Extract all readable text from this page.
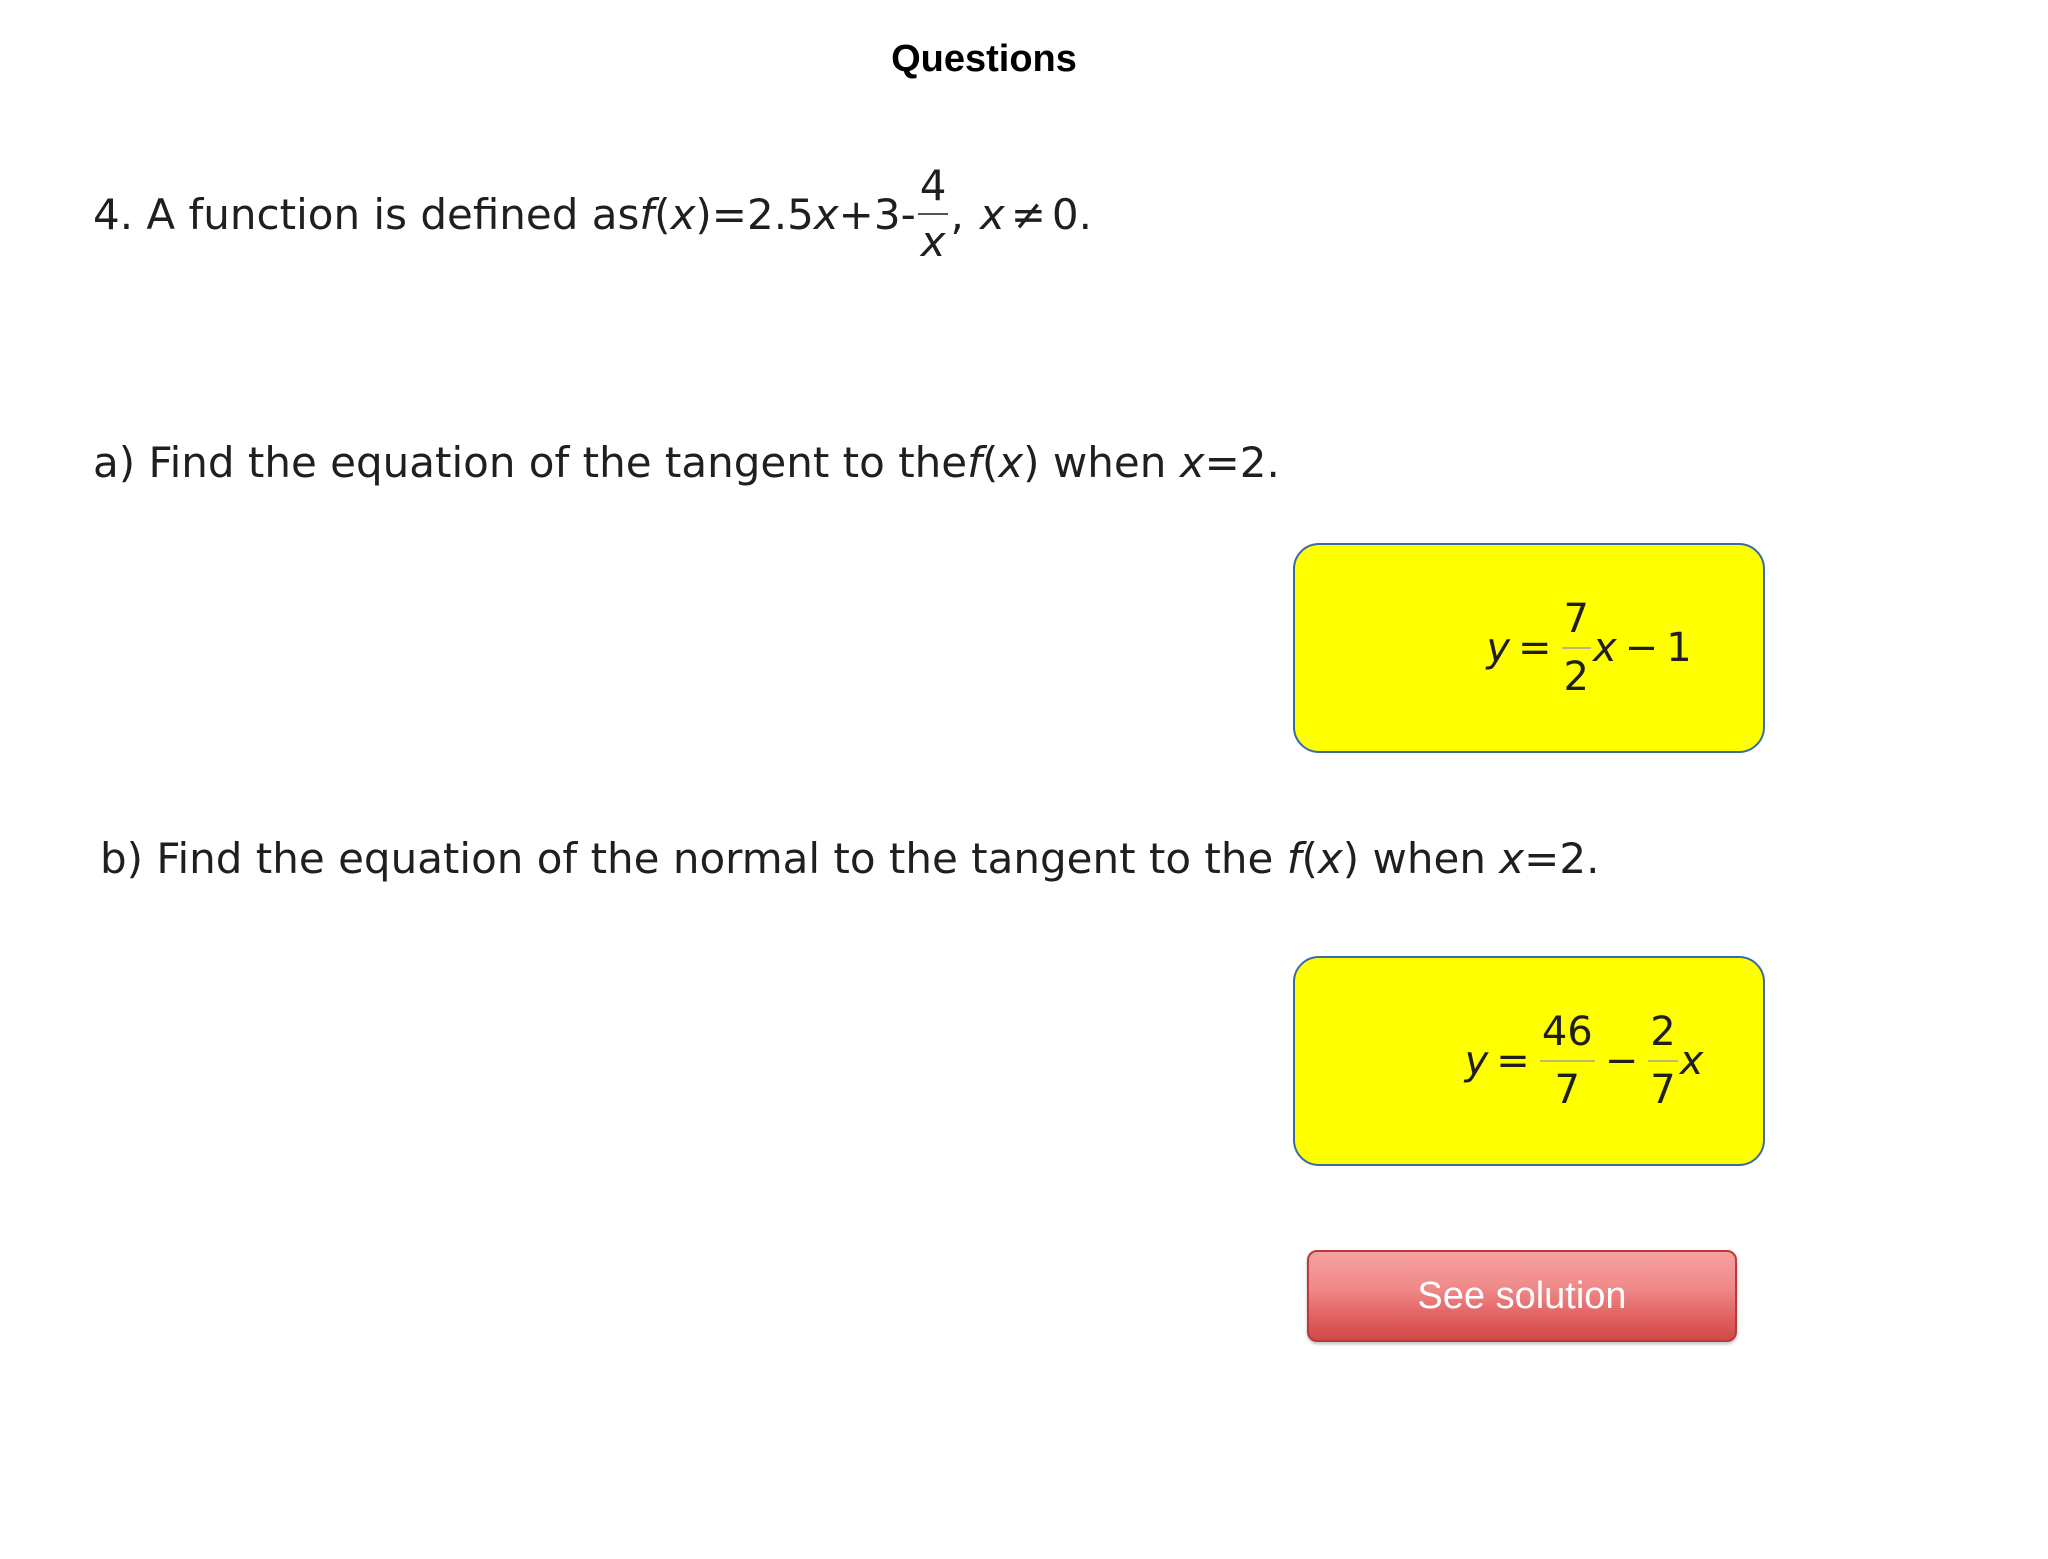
Questions
4. A function is defined as f ( x )=2.5 $x +3- \frac{4}{x}$ , x ≠ 0.
a) Find the equation of the tangent to the f ( x ) when x =2.
$y = \frac{7}{2}$ x − 1
b) Find the equation of the normal to the tangent to the f ( x ) when x =2.
$y = \frac{46}{7} - \frac{2}{7}$ x
See solution
